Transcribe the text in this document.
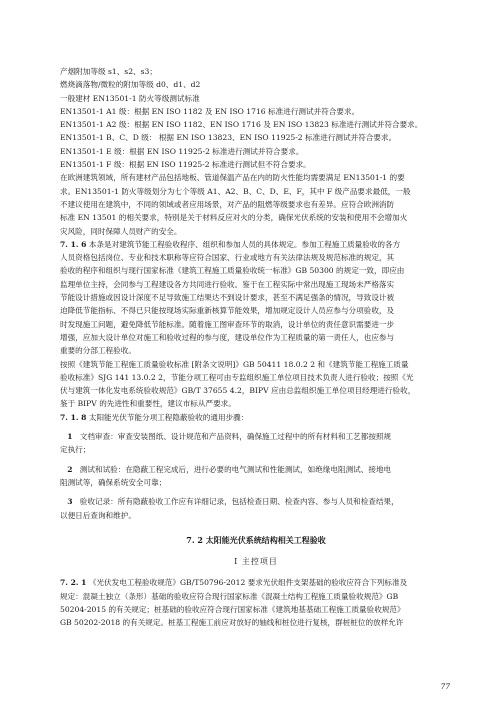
产烟附加等级 s1、s2、s3；
燃烧滴落物/微粒的附加等级 d0、d1、d2
一般建材 EN13501-1 防火等级测试标准
EN13501-1 A1 级：根据 EN ISO 1182 及 EN ISO 1716 标准进行测试并符合要求。
EN13501-1 A2 级：根据 EN ISO 1182、EN ISO 1716 及 EN ISO 13823 标准进行测试并符合要求。
EN13501-1 B、C、D 级： 根据 EN ISO 13823、EN ISO 11925-2 标准进行测试并符合要求。
EN13501-1 E 级：根据 EN ISO 11925-2 标准进行测试并符合要求。
EN13501-1 F 级：根据 EN ISO 11925-2 标准进行测试但不符合要求。
在欧洲建筑领域，所有建材产品包括地板、管道保温产品在内的防火性能均需要满足 EN13501-1 的要
求。EN13501-1 防火等级划分为七个等级 A1、A2、B、C、D、E、F，其中 F 级产品要求最低，一般
不建议使用在建筑中，不同的领域或者应用场景，对产品的阻燃等级要求也有差异。应符合欧洲消防
标准 EN 13501 的相关要求，特别是关于材料反应对火的分类，确保光伏系统的安装和使用不会增加火
灾风险，同时保障人员财产的安全。
7. 1. 6 本条是对建筑节能工程验收程序、组织和参加人员的具体规定。参加工程施工质量验收的各方
人员资格包括岗位、专业和技术职称等应符合国家、行业或地方有关法律法规及规范标准的规定，其
验收的程序和组织与现行国家标准《建筑工程施工质量验收统一标准》GB 50300 的规定一致，即应由
监理单位主持，会同参与工程建设各方共同进行验收。鉴于在工程实际中常出现施工现场未严格落实
节能设计措施或因设计深度不足导致施工结果达不到设计要求，甚至不满足强条的情况，导致设计被
迫降低节能指标、不得已只能按现场实际重新核算节能效果，增加规定设计人员应参与分项验收，及
时发现施工问题，避免降低节能标准。随着施工图审查环节的取消，设计单位的责任意识需要进一步
增强，应加大设计单位对施工和验收过程的参与度，建设单位作为工程质量的第一责任人，也应参与
重要的分部工程验收。
按照《建筑节能工程施工质量验收标准 [附条文说明]》GB 50411 18.0.2 2 和《建筑节能工程施工质量
验收标准》SJG 141 13.0.2 2，节能分项工程可由专监组织施工单位项目技术负责人进行验收；按照《光
伏与建筑一体化发电系统验收规范》GB/T 37655 4.2，BIPV 应由总监组织施工单位项目经理进行验收，
鉴于 BIPV 的先进性和重要性，建议市标从严要求。
7. 1. 8 太阳能光伏节能分项工程隐蔽验收的通用步骤：
1 文档审查：审查安装图纸、设计规范和产品资料，确保施工过程中的所有材料和工艺都按照规
定执行；
2 测试和试验：在隐蔽工程完成后，进行必要的电气测试和性能测试，如绝缘电阻测试、接地电
阻测试等，确保系统安全可靠；
3 验收记录：所有隐蔽验收工作应有详细记录，包括检查日期、检查内容、参与人员和检查结果，
以便日后查询和维护。
7. 2 太阳能光伏系统结构相关工程验收
Ⅰ 主控项目
7. 2. 1 《光伏发电工程验收规范》GB/T50796-2012 要求光伏组件支架基础的验收应符合下列标准及
规定：混凝土独立（条形）基础的验收应符合现行国家标准《混凝土结构工程施工质量验收规范》GB
50204-2015 的有关规定；桩基础的验收应符合现行国家标准《建筑地基基础工程施工质量验收规范》
GB 50202-2018 的有关规定。桩基工程施工前应对放好的轴线和桩位进行复核，群桩桩位的放样允许
77
